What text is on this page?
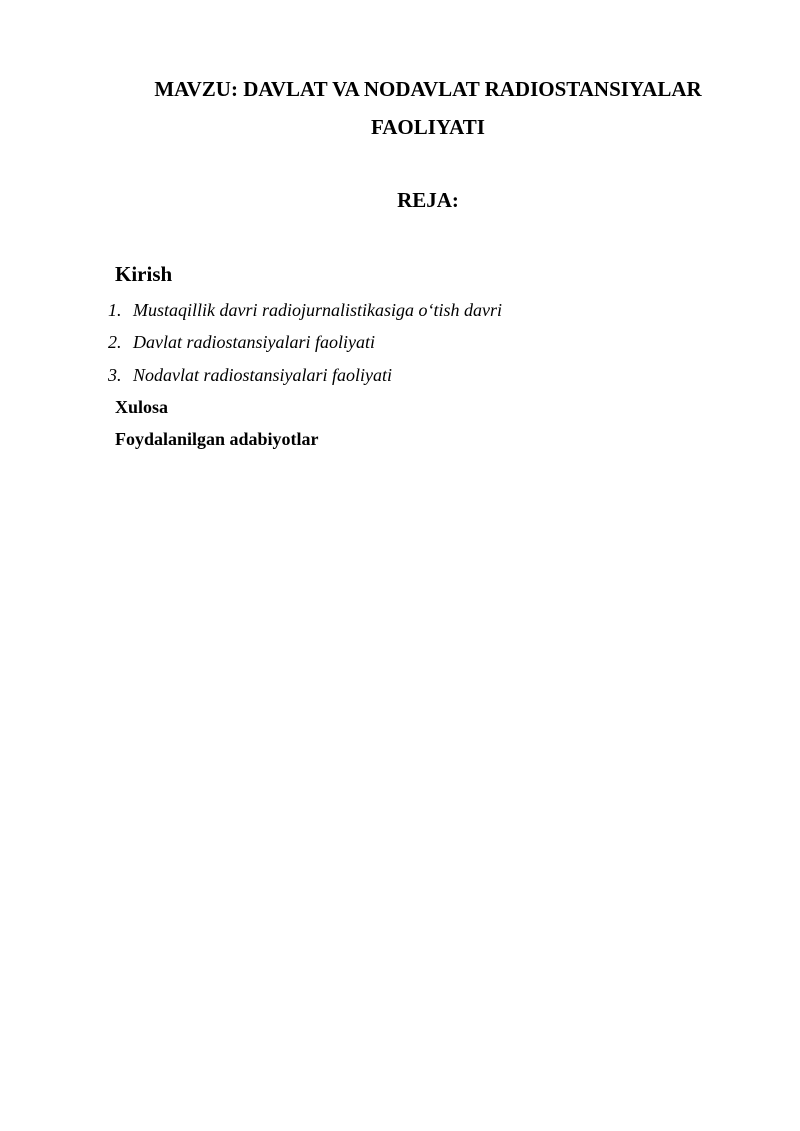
MAVZU: DAVLAT VA NODAVLAT RADIOSTANSIYALAR
FAOLIYATI
REJA:
Kirish
1. Mustaqillik davri radiojurnalistikasiga o‘tish davri
2. Davlat radiostansiyalari faoliyati
3. Nodavlat radiostansiyalari faoliyati
Xulosa
Foydalanilgan adabiyotlar
